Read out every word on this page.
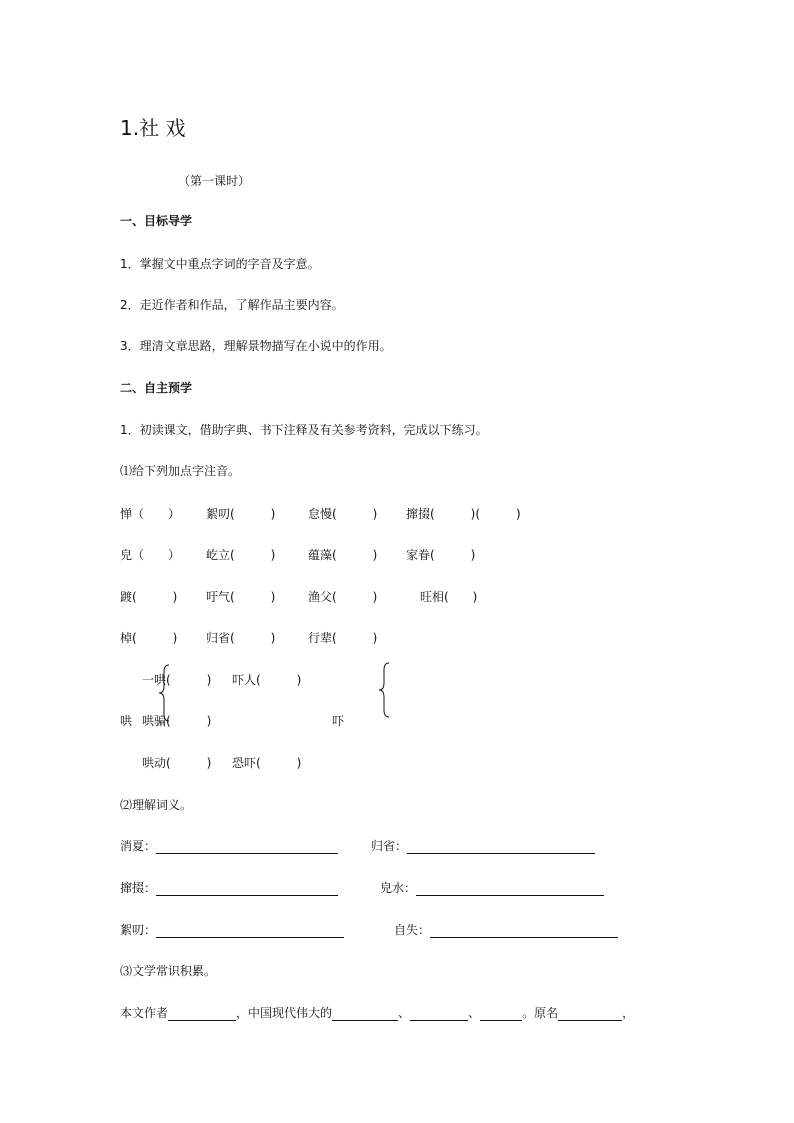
1.社 戏
（第一课时）
一、目标导学
1．掌握文中重点字词的字音及字意。
2．走近作者和作品，了解作品主要内容。
3．理清文章思路，理解景物描写在小说中的作用。
二、自主预学
1．初读课文，借助字典、书下注释及有关参考资料，完成以下练习。
⑴给下列加点字注音。
惮（　　） 絮叨(　　　)	怠慢(　　　) 撺掇(　　　)(　　　)
皃（　　） 屹立(　　　)	蕴藻(　　　) 家眷(　　　)
踱(　　　) 吁气(　　　)	渔父(　　　)	旺相(　　)
棹(　　　) 归省(　　　)	行辈(　　　)
一哄(　　　) 吓人(　　　)
哄 哄骗(　　　)	吓
哄动(　　　) 恐吓(　　　)
⑵理解词义。
消夏：	归省：
撺掇：	皃水：
絮叨：	自失：
⑶文学常识积累。
本文作者	，中国现代伟大的	、	、	。原名	，
